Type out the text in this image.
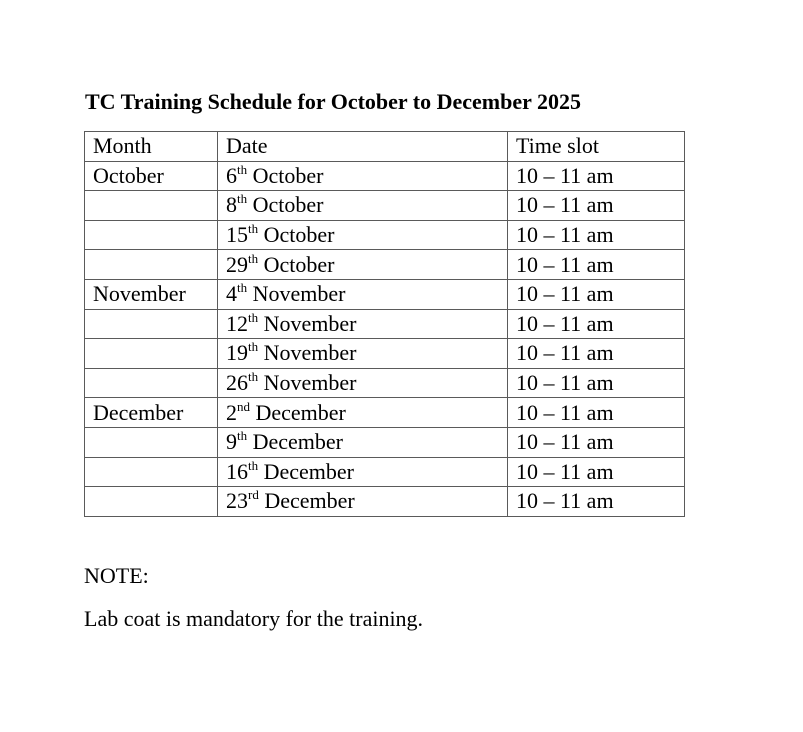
TC Training Schedule for October to December 2025
Month	Date	Time slot
October	6th October	10 – 11 am
	8th October	10 – 11 am
	15th October	10 – 11 am
	29th October	10 – 11 am
November	4th November	10 – 11 am
	12th November	10 – 11 am
	19th November	10 – 11 am
	26th November	10 – 11 am
December	2nd December	10 – 11 am
	9th December	10 – 11 am
	16th December	10 – 11 am
	23rd December	10 – 11 am
NOTE:
Lab coat is mandatory for the training.
